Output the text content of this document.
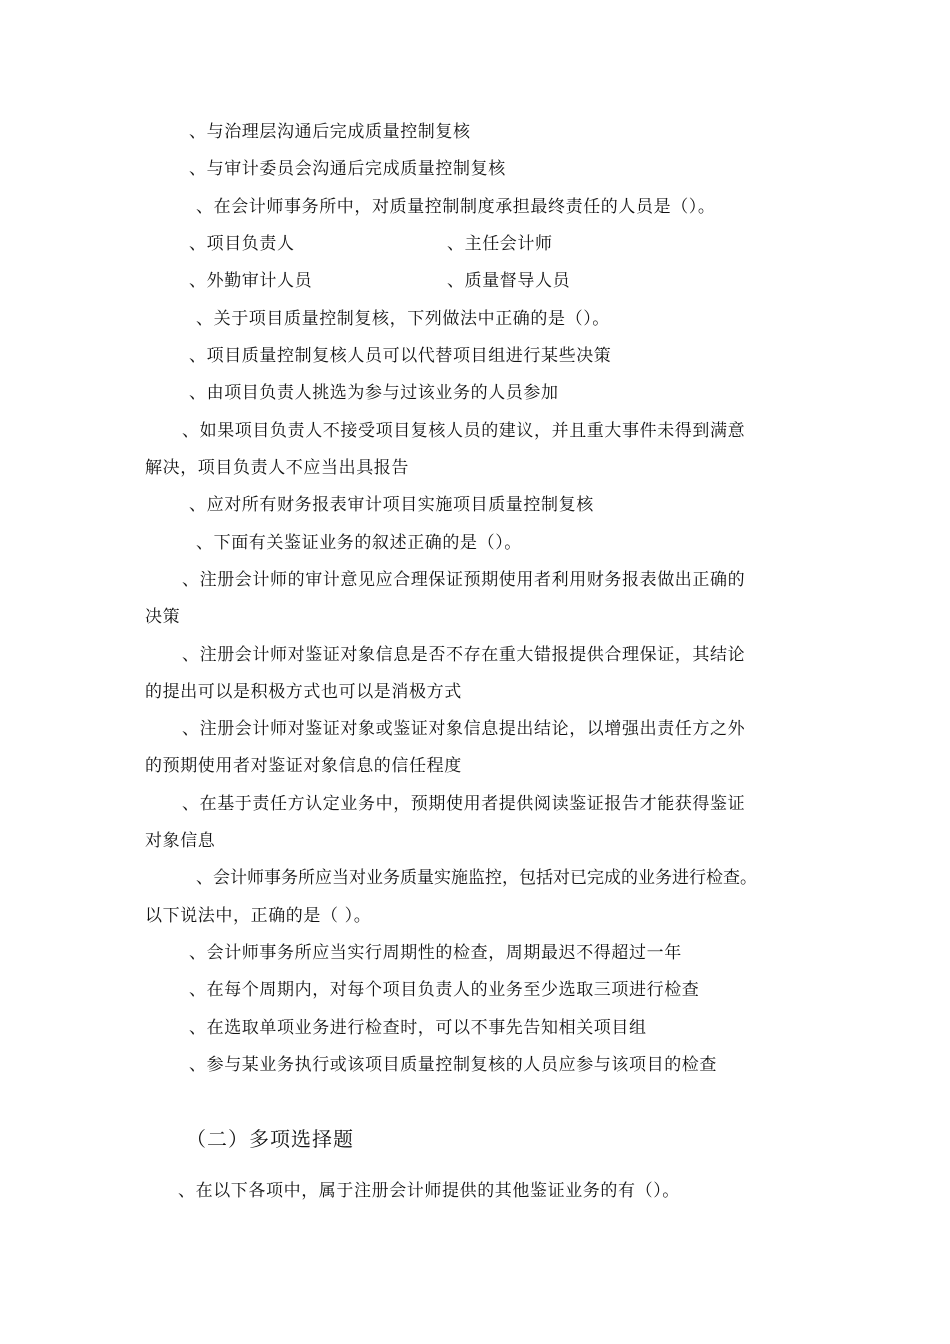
、与治理层沟通后完成质量控制复核
、与审计委员会沟通后完成质量控制复核
、在会计师事务所中，对质量控制制度承担最终责任的人员是（）。
、项目负责人	、主任会计师
、外勤审计人员	、质量督导人员
、关于项目质量控制复核，下列做法中正确的是（）。
、项目质量控制复核人员可以代替项目组进行某些决策
、由项目负责人挑选为参与过该业务的人员参加
、如果项目负责人不接受项目复核人员的建议，并且重大事件未得到满意
解决，项目负责人不应当出具报告
、应对所有财务报表审计项目实施项目质量控制复核
、下面有关鉴证业务的叙述正确的是（）。
、注册会计师的审计意见应合理保证预期使用者利用财务报表做出正确的
决策
、注册会计师对鉴证对象信息是否不存在重大错报提供合理保证，其结论
的提出可以是积极方式也可以是消极方式
、注册会计师对鉴证对象或鉴证对象信息提出结论，以增强出责任方之外
的预期使用者对鉴证对象信息的信任程度
、在基于责任方认定业务中，预期使用者提供阅读鉴证报告才能获得鉴证
对象信息
、会计师事务所应当对业务质量实施监控，包括对已完成的业务进行检查。
以下说法中，正确的是（ ）。
、会计师事务所应当实行周期性的检查，周期最迟不得超过一年
、在每个周期内，对每个项目负责人的业务至少选取三项进行检查
、在选取单项业务进行检查时，可以不事先告知相关项目组
、参与某业务执行或该项目质量控制复核的人员应参与该项目的检查
（二）多项选择题
、在以下各项中，属于注册会计师提供的其他鉴证业务的有（）。
